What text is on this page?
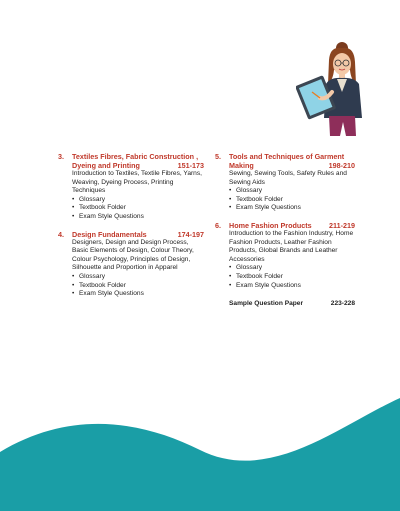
3.	Textiles Fibres, Fabric Construction ,
Dyeing and Printing	151-173
Introduction to Textiles, Textile Fibres, Yarns, Weaving, Dyeing Process, Printing Techniques
• Glossary
• Textbook Folder
• Exam Style Questions
4.	Design Fundamentals	174-197
Designers, Design and Design Process, Basic Elements of Design, Colour Theory, Colour Psychology, Principles of Design, Silhouette and Proportion in Apparel
• Glossary
• Textbook Folder
• Exam Style Questions
5.	Tools and Techniques of Garment
Making	198-210
Sewing, Sewing Tools, Safety Rules and Sewing Aids
• Glossary
• Textbook Folder
• Exam Style Questions
6.	Home Fashion Products	211-219
Introduction to the Fashion Industry, Home Fashion Products, Leather Fashion Products, Global Brands and Leather Accessories
• Glossary
• Textbook Folder
• Exam Style Questions
Sample Question Paper	223-228
